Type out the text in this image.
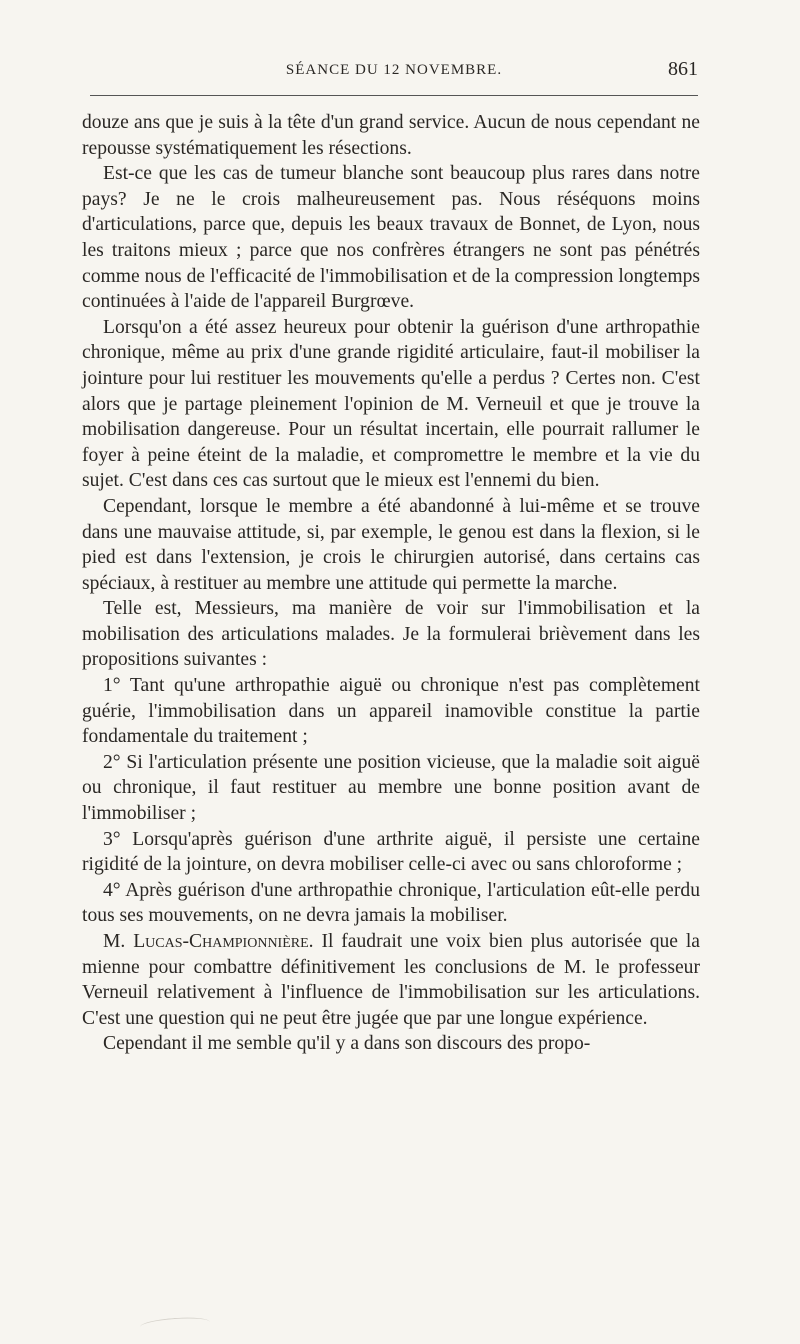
SÉANCE DU 12 NOVEMBRE.	861

douze ans que je suis à la tête d'un grand service. Aucun de nous cependant ne repousse systématiquement les résections.

Est-ce que les cas de tumeur blanche sont beaucoup plus rares dans notre pays? Je ne le crois malheureusement pas. Nous réséquons moins d'articulations, parce que, depuis les beaux travaux de Bonnet, de Lyon, nous les traitons mieux ; parce que nos confrères étrangers ne sont pas pénétrés comme nous de l'efficacité de l'immobilisation et de la compression longtemps continuées à l'aide de l'appareil Burgrœve.

Lorsqu'on a été assez heureux pour obtenir la guérison d'une arthropathie chronique, même au prix d'une grande rigidité articulaire, faut-il mobiliser la jointure pour lui restituer les mouvements qu'elle a perdus ? Certes non. C'est alors que je partage pleinement l'opinion de M. Verneuil et que je trouve la mobilisation dangereuse. Pour un résultat incertain, elle pourrait rallumer le foyer à peine éteint de la maladie, et compromettre le membre et la vie du sujet. C'est dans ces cas surtout que le mieux est l'ennemi du bien.

Cependant, lorsque le membre a été abandonné à lui-même et se trouve dans une mauvaise attitude, si, par exemple, le genou est dans la flexion, si le pied est dans l'extension, je crois le chirurgien autorisé, dans certains cas spéciaux, à restituer au membre une attitude qui permette la marche.

Telle est, Messieurs, ma manière de voir sur l'immobilisation et la mobilisation des articulations malades. Je la formulerai brièvement dans les propositions suivantes :

1° Tant qu'une arthropathie aiguë ou chronique n'est pas complètement guérie, l'immobilisation dans un appareil inamovible constitue la partie fondamentale du traitement ;

2° Si l'articulation présente une position vicieuse, que la maladie soit aiguë ou chronique, il faut restituer au membre une bonne position avant de l'immobiliser ;

3° Lorsqu'après guérison d'une arthrite aiguë, il persiste une certaine rigidité de la jointure, on devra mobiliser celle-ci avec ou sans chloroforme ;

4° Après guérison d'une arthropathie chronique, l'articulation eût-elle perdu tous ses mouvements, on ne devra jamais la mobiliser.

M. Lucas-Championnière. Il faudrait une voix bien plus autorisée que la mienne pour combattre définitivement les conclusions de M. le professeur Verneuil relativement à l'influence de l'immobilisation sur les articulations. C'est une question qui ne peut être jugée que par une longue expérience.

Cependant il me semble qu'il y a dans son discours des propo-
